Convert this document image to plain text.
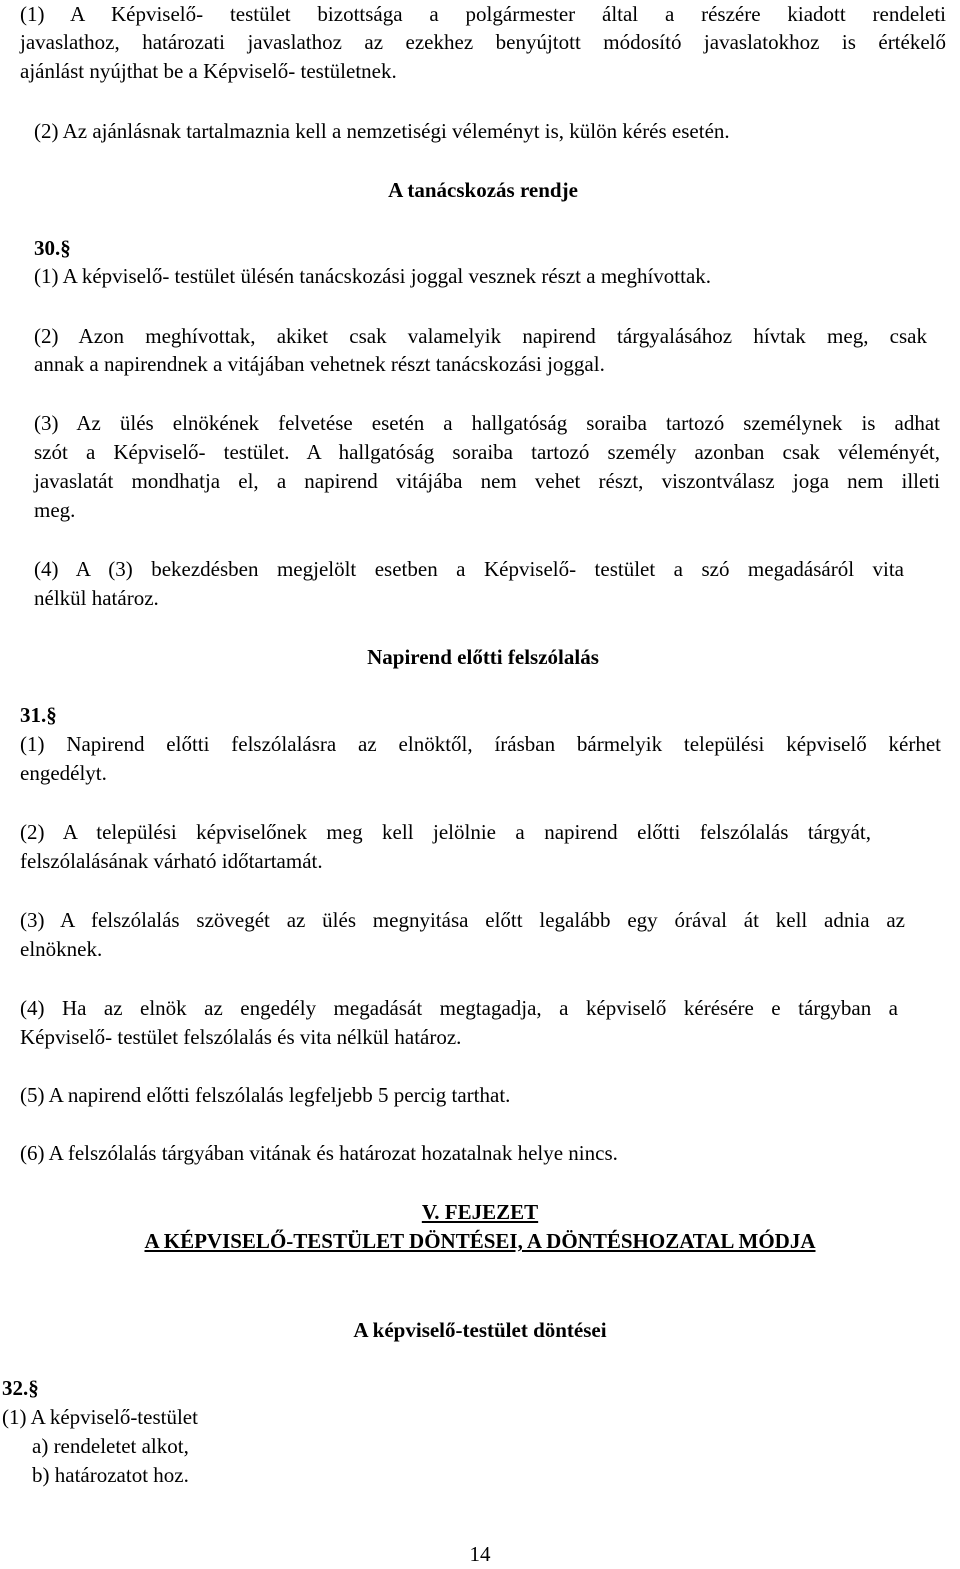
(1) A Képviselő- testület bizottsága a polgármester által a részére kiadott rendeleti
javaslathoz, határozati javaslathoz az ezekhez benyújtott módosító javaslatokhoz is értékelő
ajánlást nyújthat be a Képviselő- testületnek.
(2) Az ajánlásnak tartalmaznia kell a nemzetiségi véleményt is, külön kérés esetén.
A tanácskozás rendje
30.§
(1) A képviselő- testület ülésén tanácskozási joggal vesznek részt a meghívottak.
(2) Azon meghívottak, akiket csak valamelyik napirend tárgyalásához hívtak meg, csak
annak a napirendnek a vitájában vehetnek részt tanácskozási joggal.
(3) Az ülés elnökének felvetése esetén a hallgatóság soraiba tartozó személynek is adhat
szót a Képviselő- testület. A hallgatóság soraiba tartozó személy azonban csak véleményét,
javaslatát mondhatja el, a napirend vitájába nem vehet részt, viszontválasz joga nem illeti
meg.
(4) A (3) bekezdésben megjelölt esetben a Képviselő- testület a szó megadásáról vita
nélkül határoz.
Napirend előtti felszólalás
31.§
(1) Napirend előtti felszólalásra az elnöktől, írásban bármelyik települési képviselő kérhet
engedélyt.
(2) A települési képviselőnek meg kell jelölnie a napirend előtti felszólalás tárgyát,
felszólalásának várható időtartamát.
(3) A felszólalás szövegét az ülés megnyitása előtt legalább egy órával át kell adnia az
elnöknek.
(4) Ha az elnök az engedély megadását megtagadja, a képviselő kérésére e tárgyban a
Képviselő- testület felszólalás és vita nélkül határoz.
(5) A napirend előtti felszólalás legfeljebb 5 percig tarthat.
(6) A felszólalás tárgyában vitának és határozat hozatalnak helye nincs.
V. FEJEZET
A KÉPVISELŐ-TESTÜLET DÖNTÉSEI, A DÖNTÉSHOZATAL MÓDJA
A képviselő-testület döntései
32.§
(1) A képviselő-testület
a) rendeletet alkot,
b) határozatot hoz.
14
